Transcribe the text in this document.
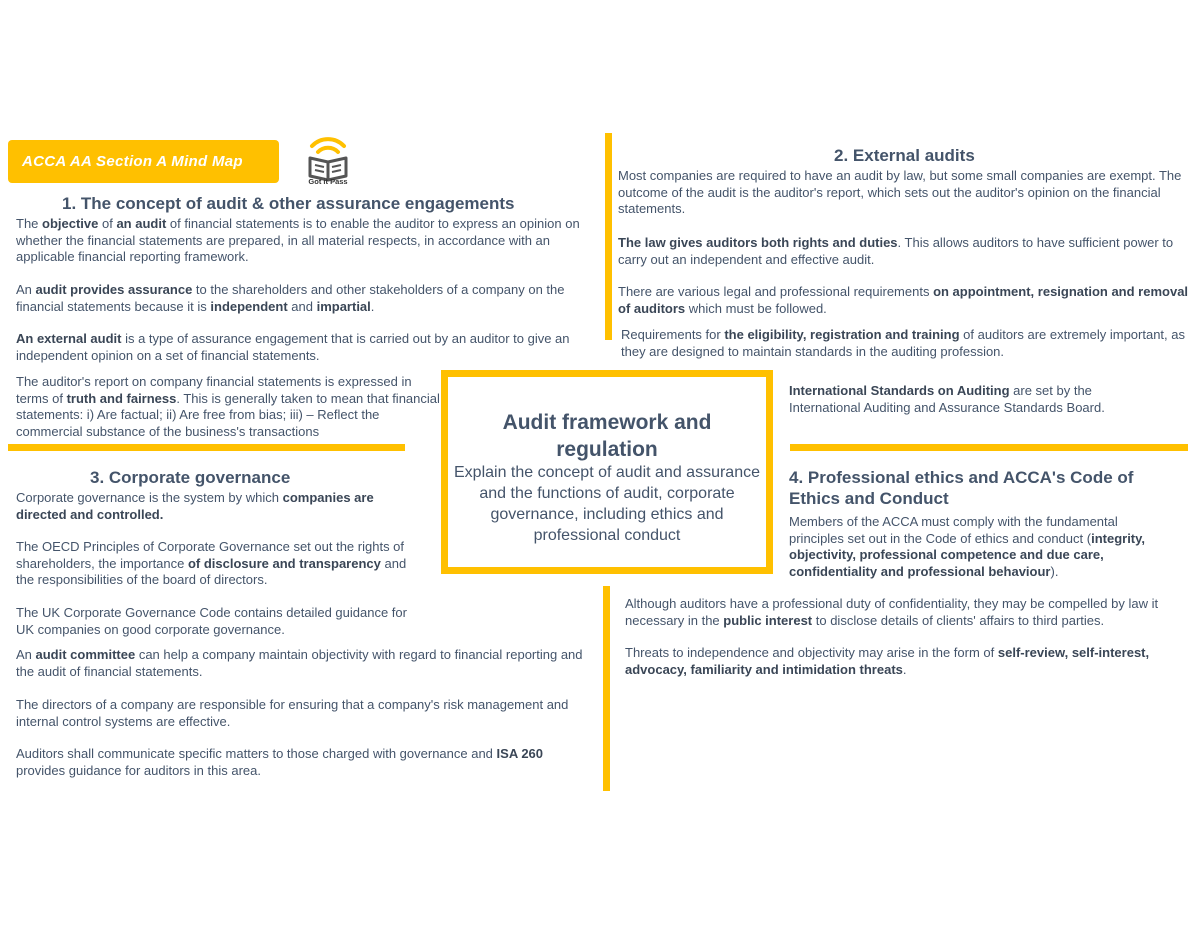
ACCA AA Section A Mind Map
Got it Pass
Audit framework and regulation
Explain the concept of audit and assurance and the functions of audit, corporate governance, including ethics and professional conduct
1. The concept of audit & other assurance engagements

The objective of an audit of financial statements is to enable the auditor to express an opinion on whether the financial statements are prepared, in all material respects, in accordance with an applicable financial reporting framework.

An audit provides assurance to the shareholders and other stakeholders of a company on the financial statements because it is independent and impartial.

An external audit is a type of assurance engagement that is carried out by an auditor to give an independent opinion on a set of financial statements.

The auditor's report on company financial statements is expressed in terms of truth and fairness. This is generally taken to mean that financial statements: i) Are factual; ii) Are free from bias; iii) – Reflect the commercial substance of the business's transactions

2. External audits

Most companies are required to have an audit by law, but some small companies are exempt. The outcome of the audit is the auditor's report, which sets out the auditor's opinion on the financial statements.

The law gives auditors both rights and duties. This allows auditors to have sufficient power to carry out an independent and effective audit.

There are various legal and professional requirements on appointment, resignation and removal of auditors which must be followed.

Requirements for the eligibility, registration and training of auditors are extremely important, as they are designed to maintain standards in the auditing profession.

International Standards on Auditing are set by the International Auditing and Assurance Standards Board.

3. Corporate governance

Corporate governance is the system by which companies are directed and controlled.

The OECD Principles of Corporate Governance set out the rights of shareholders, the importance of disclosure and transparency and the responsibilities of the board of directors.

The UK Corporate Governance Code contains detailed guidance for UK companies on good corporate governance.

An audit committee can help a company maintain objectivity with regard to financial reporting and the audit of financial statements.

The directors of a company are responsible for ensuring that a company's risk management and internal control systems are effective.

Auditors shall communicate specific matters to those charged with governance and ISA 260 provides guidance for auditors in this area.

4. Professional ethics and ACCA's Code of Ethics and Conduct

Members of the ACCA must comply with the fundamental principles set out in the Code of ethics and conduct (integrity, objectivity, professional competence and due care, confidentiality and professional behaviour).

Although auditors have a professional duty of confidentiality, they may be compelled by law it necessary in the public interest to disclose details of clients' affairs to third parties.

Threats to independence and objectivity may arise in the form of self-review, self-interest, advocacy, familiarity and intimidation threats.
